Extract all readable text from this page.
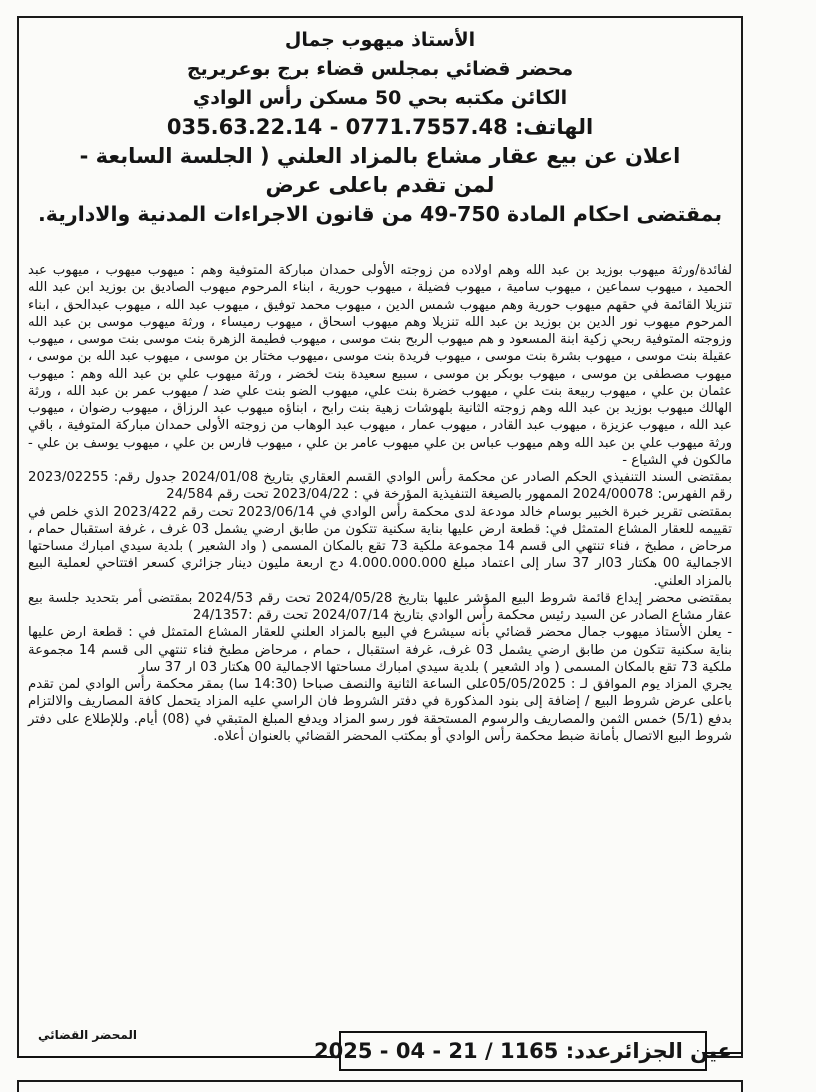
الأستاذ ميهوب جمال
محضر قضائي بمجلس قضاء برج بوعريريج
الكائن مكتبه بحي 50 مسكن رأس الوادي
الهاتف: 0771.7557.48 - 035.63.22.14
اعلان عن بيع عقار مشاع بالمزاد العلني ( الجلسة السابعة -
لمن تقدم باعلى عرض
بمقتضى احكام المادة 750-49 من قانون الاجراءات المدنية والادارية.

لفائدة/ورثة ميهوب بوزيد بن عبد الله وهم اولاده من زوجته الأولى حمدان مباركة المتوفية وهم : ميهوب ميهوب ، ميهوب عبد الحميد ، ميهوب سماعين ، ميهوب سامية ، ميهوب فضيلة ، ميهوب حورية ، ابناء المرحوم ميهوب الصاديق بن بوزيد ابن عبد الله تنزيلا القائمة في حقهم ميهوب حورية وهم ميهوب شمس الدين ، ميهوب محمد توفيق ، ميهوب عبد الله ، ميهوب عبدالحق ، ابناء المرحوم ميهوب نور الدين بن بوزيد بن عبد الله تنزيلا وهم ميهوب اسحاق ، ميهوب رميساء ، ورثة ميهوب موسى بن عبد الله وزوجته المتوفية ربحي زكية ابنة المسعود و هم ميهوب الربح بنت موسى ، ميهوب فطيمة الزهرة بنت موسى بنت موسى ، ميهوب عقيلة بنت موسى ، ميهوب بشرة بنت موسى ، ميهوب فريدة بنت موسى ،ميهوب مختار بن موسى ، ميهوب عبد الله بن موسى ، ميهوب مصطفى بن موسى ، ميهوب بوبكر بن موسى ، سبيع سعيدة بنت لخضر ، ورثة ميهوب علي بن عبد الله وهم : ميهوب عثمان بن علي ، ميهوب ربيعة بنت علي ، ميهوب خضرة بنت علي، ميهوب الضو بنت علي ضد / ميهوب عمر بن عبد الله ، ورثة الهالك ميهوب بوزيد بن عبد الله وهم زوجته الثانية بلهوشات زهية بنت رابح ، ابناؤه ميهوب عبد الرزاق ، ميهوب رضوان ، ميهوب عبد الله ، ميهوب عزيزة ، ميهوب عبد القادر ، ميهوب عمار ، ميهوب عبد الوهاب من زوجته الأولى حمدان مباركة المتوفية ، باقي ورثة ميهوب علي بن عبد الله وهم ميهوب عباس بن علي ميهوب عامر بن علي ، ميهوب فارس بن علي ، ميهوب يوسف بن علي - مالكون في الشياع -

بمقتضى السند التنفيذي الحكم الصادر عن محكمة رأس الوادي القسم العقاري بتاريخ 2024/01/08 جدول رقم: 2023/02255 رقم الفهرس: 2024/00078 الممهور بالصيغة التنفيذية المؤرخة في : 2023/04/22 تحت رقم 24/584

بمقتضى تقرير خبرة الخبير بوسام خالد مودعة لدى محكمة رأس الوادي في 2023/06/14 تحت رقم 2023/422 الذي خلص في تقييمه للعقار المشاع المتمثل في: قطعة ارض عليها بناية سكنية تتكون من طابق ارضي يشمل 03 غرف ، غرفة استقبال حمام ، مرحاض ، مطبخ ، فناء تنتهي الى قسم 14 مجموعة ملكية 73 تقع بالمكان المسمى ( واد الشعير ) بلدية سيدي امبارك مساحتها الاجمالية 00 هكتار 03ار 37 سار إلى اعتماد مبلغ 4.000.000.000 دج اربعة مليون دينار جزائري كسعر افتتاحي لعملية البيع بالمزاد العلني.

بمقتضى محضر إيداع قائمة شروط البيع المؤشر عليها بتاريخ 2024/05/28 تحت رقم 2024/53 بمقتضى أمر بتحديد جلسة بيع عقار مشاع الصادر عن السيد رئيس محكمة رأس الوادي بتاريخ 2024/07/14 تحت رقم :24/1357

- يعلن الأستاذ ميهوب جمال محضر قضائي بأنه سيشرع في البيع بالمزاد العلني للعقار المشاع المتمثل في : قطعة ارض عليها بناية سكنية تتكون من طابق ارضي يشمل 03 غرف، غرفة استقبال ، حمام ، مرحاض مطبخ فناء تنتهي الى قسم 14 مجموعة ملكية 73 تقع بالمكان المسمى ( واد الشعير ) بلدية سيدي امبارك مساحتها الاجمالية 00 هكتار 03 ار 37 سار

يجري المزاد يوم الموافق لـ : 05/05/2025على الساعة الثانية والنصف صباحا (14:30 سا) بمقر محكمة رأس الوادي لمن تقدم باعلى عرض شروط البيع / إضافة إلى بنود المذكورة في دفتر الشروط فان الراسي عليه المزاد يتحمل كافة المصاريف والالتزام بدفع (5/1) خمس الثمن والمصاريف والرسوم المستحقة فور رسو المزاد ويدفع المبلغ المتبقي في (08) أيام. وللإطلاع على دفتر شروط البيع الاتصال بأمانة ضبط محكمة رأس الوادي أو بمكتب المحضر القضائي بالعنوان أعلاه.

المحضر القضائي
عين الجزائرعدد: 1165 / 21 - 04 - 2025
